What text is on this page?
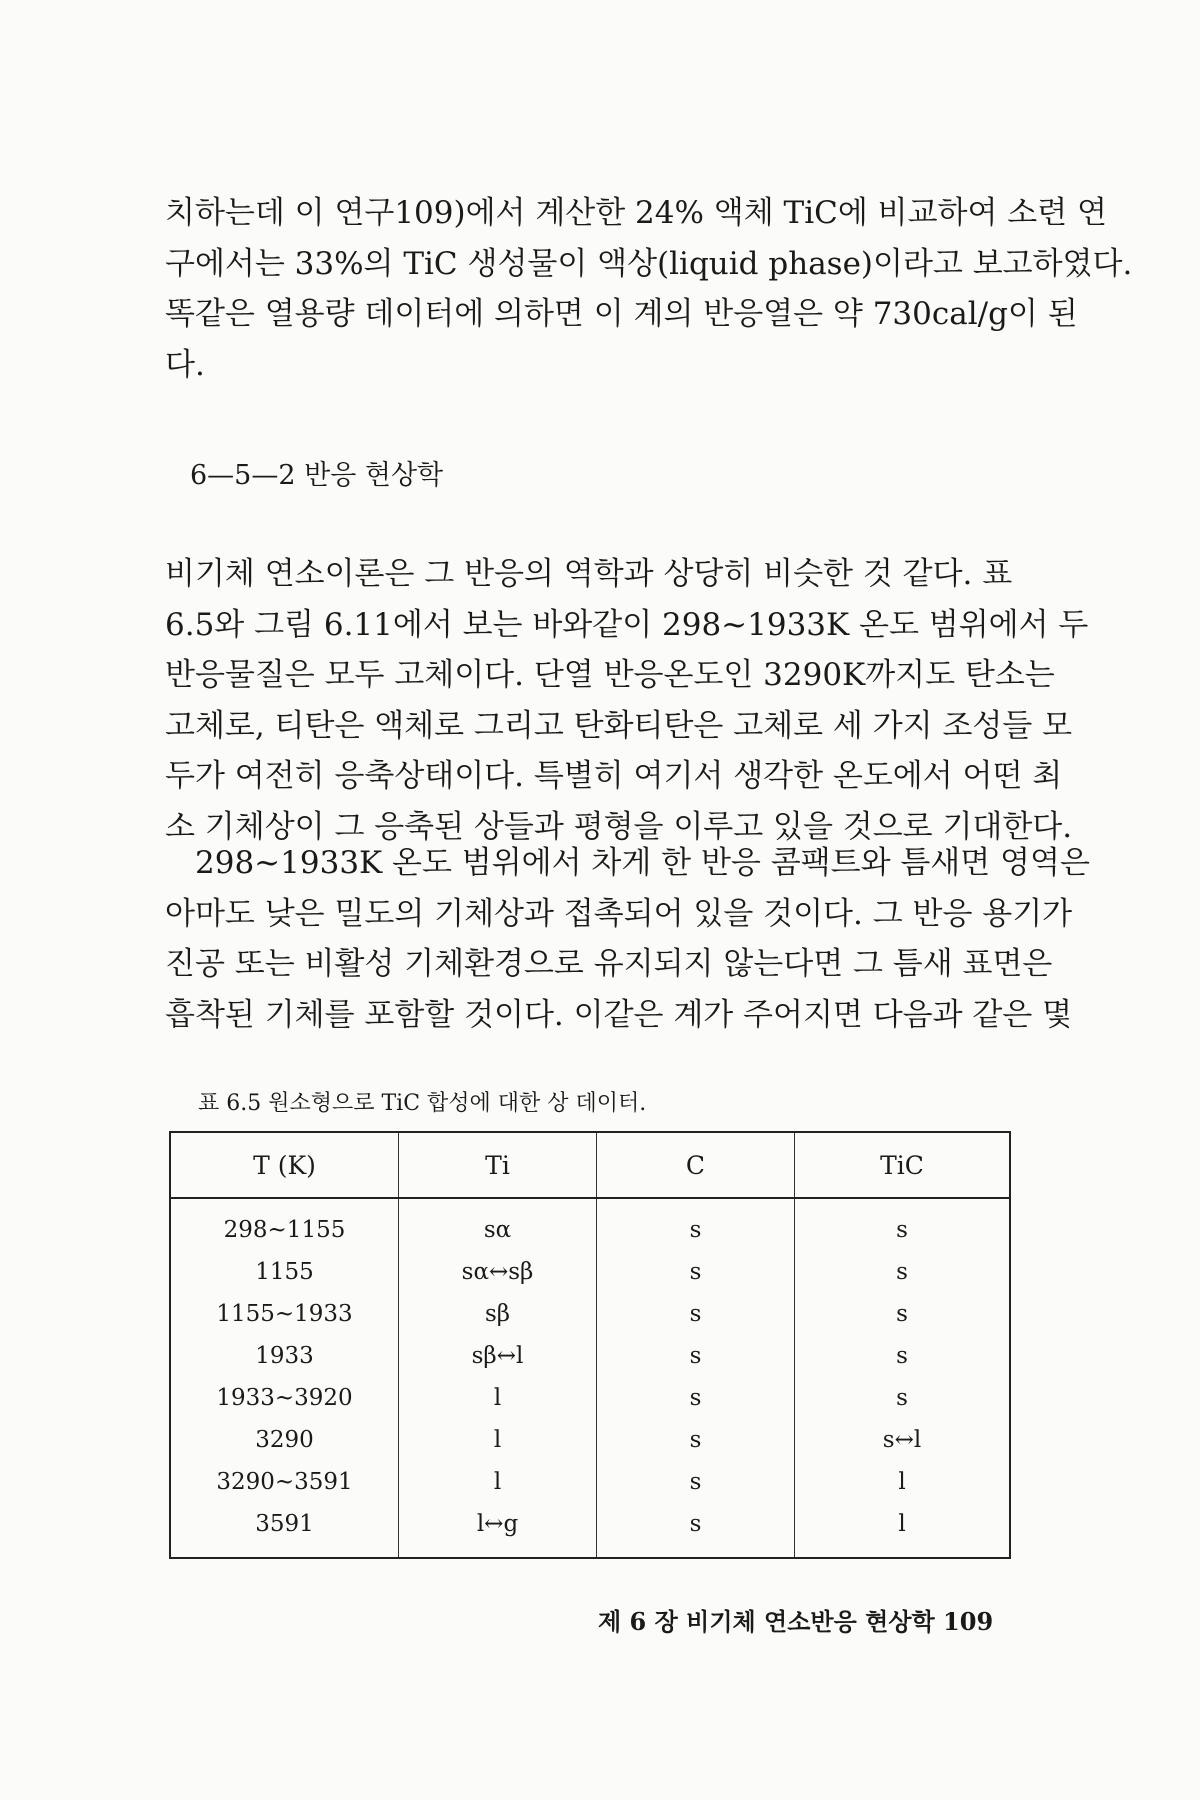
치하는데 이 연구109)에서 계산한 24% 액체 TiC에 비교하여 소련 연
구에서는 33%의 TiC 생성물이 액상(liquid phase)이라고 보고하였다.
똑같은 열용량 데이터에 의하면 이 계의 반응열은 약 730cal/g이 된
다.

6—5—2 반응 현상학

비기체 연소이론은 그 반응의 역학과 상당히 비슷한 것 같다. 표
6.5와 그림 6.11에서 보는 바와같이 298~1933K 온도 범위에서 두
반응물질은 모두 고체이다. 단열 반응온도인 3290K까지도 탄소는
고체로, 티탄은 액체로 그리고 탄화티탄은 고체로 세 가지 조성들 모
두가 여전히 응축상태이다. 특별히 여기서 생각한 온도에서 어떤 최
소 기체상이 그 응축된 상들과 평형을 이루고 있을 것으로 기대한다.

298~1933K 온도 범위에서 차게 한 반응 콤팩트와 틈새면 영역은
아마도 낮은 밀도의 기체상과 접촉되어 있을 것이다. 그 반응 용기가
진공 또는 비활성 기체환경으로 유지되지 않는다면 그 틈새 표면은
흡착된 기체를 포함할 것이다. 이같은 계가 주어지면 다음과 같은 몇

표 6.5 원소형으로 TiC 합성에 대한 상 데이터.

T (K)	Ti	C	TiC
298~1155	sα	s	s
1155	sα↔sβ	s	s
1155~1933	sβ	s	s
1933	sβ↔l	s	s
1933~3920	l	s	s
3290	l	s	s↔l
3290~3591	l	s	l
3591	l↔g	s	l

제 6 장 비기체 연소반응 현상학 109
